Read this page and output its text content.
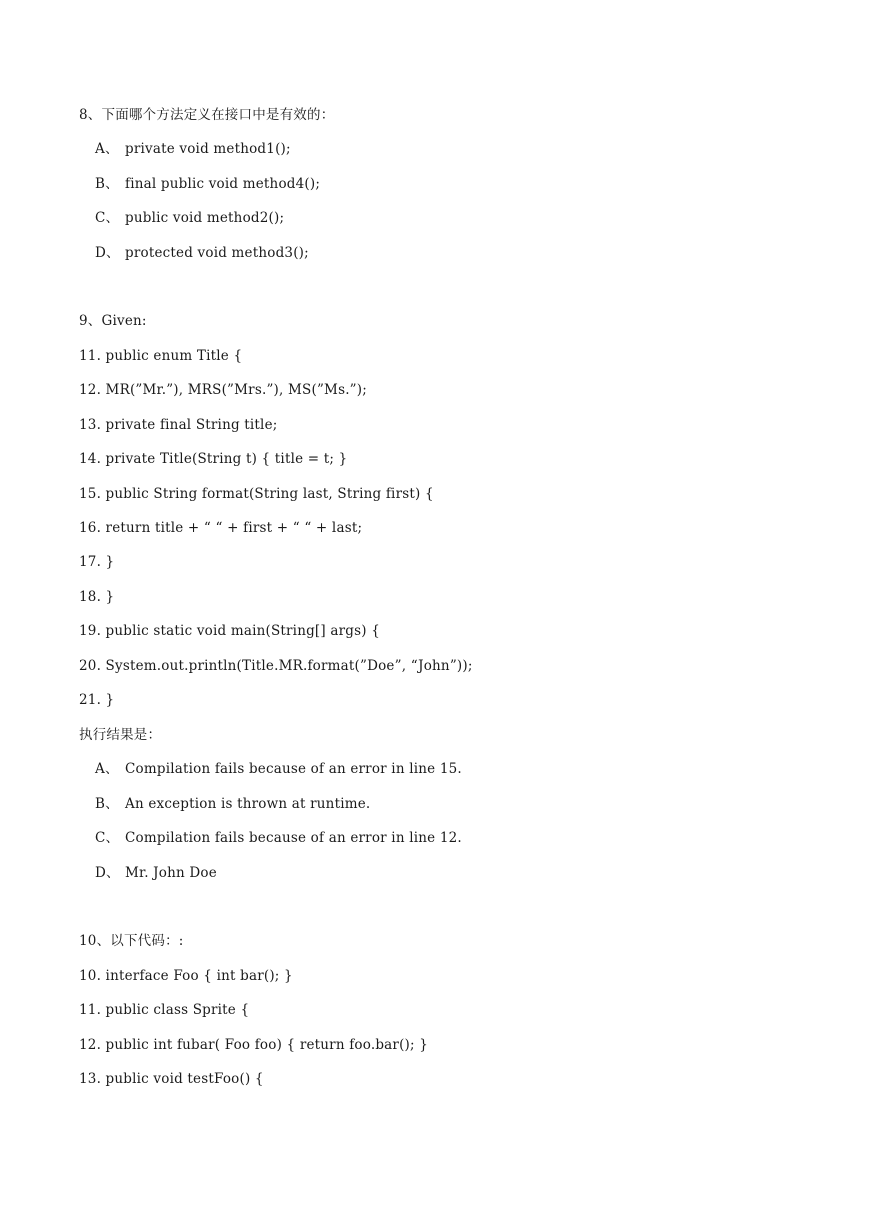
8、下面哪个方法定义在接口中是有效的：
A、 private void method1();
B、 final public void method4();
C、 public void method2();
D、 protected void method3();
9、Given:
11. public enum Title {
12. MR(”Mr.”), MRS(”Mrs.”), MS(”Ms.”);
13. private final String title;
14. private Title(String t) { title = t; }
15. public String format(String last, String first) {
16. return title + “ “ + first + “ “ + last;
17. }
18. }
19. public static void main(String[] args) {
20. System.out.println(Title.MR.format(”Doe”, “John”));
21. }
执行结果是：
A、 Compilation fails because of an error in line 15.
B、 An exception is thrown at runtime.
C、 Compilation fails because of an error in line 12.
D、 Mr. John Doe
10、以下代码：:
10. interface Foo { int bar(); }
11. public class Sprite {
12. public int fubar( Foo foo) { return foo.bar(); }
13. public void testFoo() {
